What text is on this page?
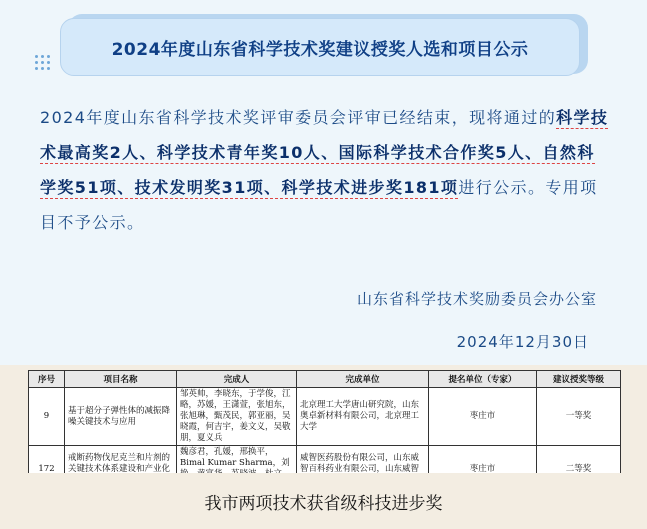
2024年度山东省科学技术奖建议授奖人选和项目公示

2024年度山东省科学技术奖评审委员会评审已经结束，现将通过的科学技术最高奖2人、科学技术青年奖10人、国际科学技术合作奖5人、自然科学奖51项、技术发明奖31项、科学技术进步奖181项进行公示。专用项目不予公示。

山东省科学技术奖励委员会办公室
2024年12月30日
序号	项目名称	完成人	完成单位	提名单位（专家）	建议授奖等级
9	基于超分子弹性体的减振降噪关键技术与应用	邹英帅，李晓东，于学俊，江略，苏媛，王潇萱，张旭东，张旭琳，甄茂民，郭亚丽，吴晓霞，何吉宇，姜文义，吴敬朋，夏义兵	北京理工大学唐山研究院，山东奥卓新材料有限公司，北京理工大学	枣庄市	一等奖
172	戒断药物伐尼克兰和片剂的关键技术体系建设和产业化	魏彦君，孔媛，邢换平，Bimal Kumar Sharma，刘	威智医药股份有限公司，山东威智百科药业有限公司，山东威智	枣庄市	二等奖
我市两项技术获省级科技进步奖
